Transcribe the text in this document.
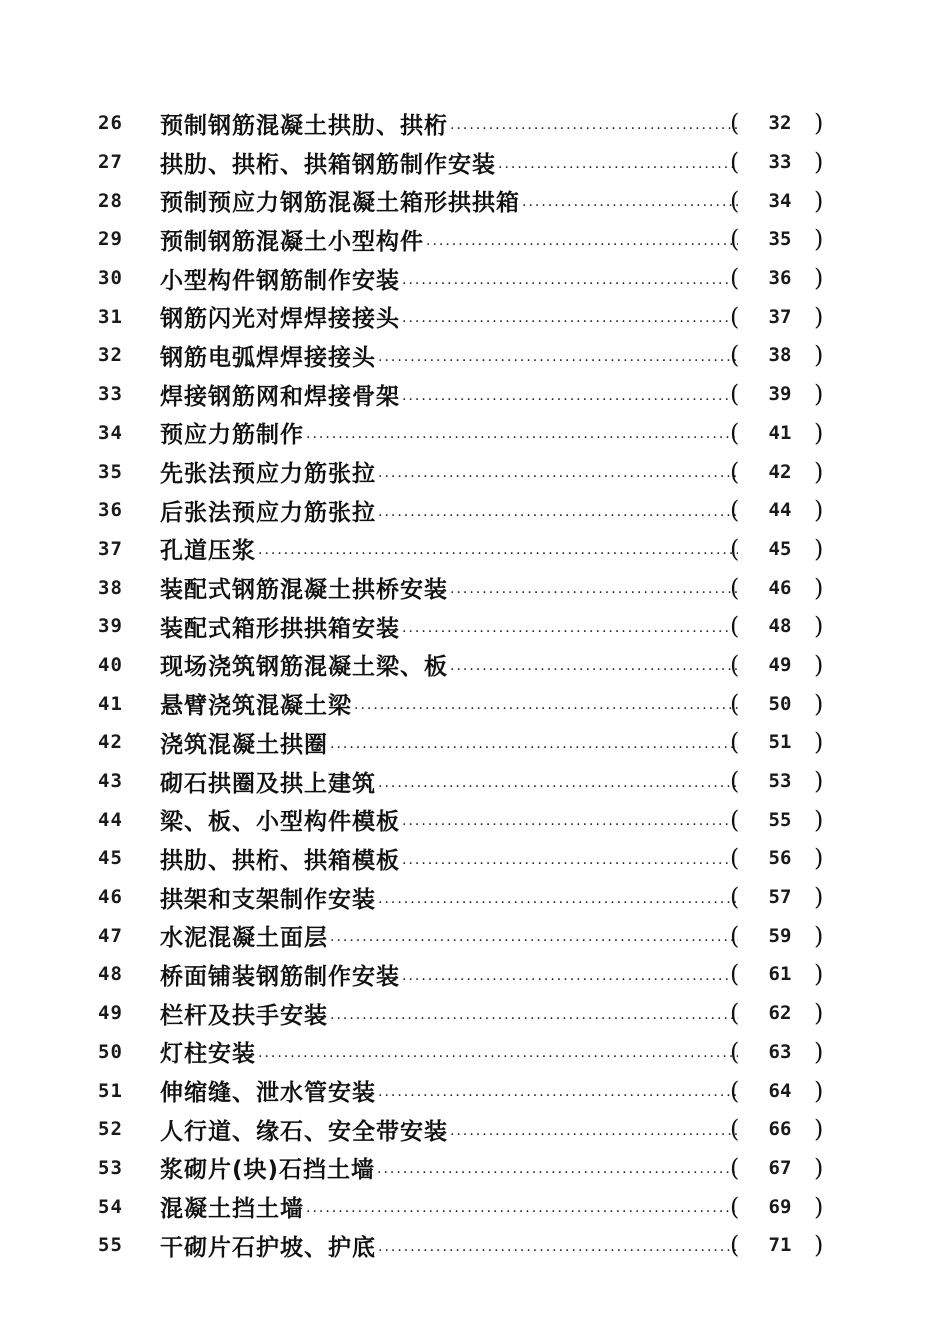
26	预制钢筋混凝土拱肋、拱桁 ·····	(	32 )
27	拱肋、拱桁、拱箱钢筋制作安装 ·····	(	33 )
28	预制预应力钢筋混凝土箱形拱拱箱 ·····	(	34 )
29	预制钢筋混凝土小型构件 ·····	(	35 )
30	小型构件钢筋制作安装 ·····	(	36 )
31	钢筋闪光对焊焊接接头 ·····	(	37 )
32	钢筋电弧焊焊接接头 ·····	(	38 )
33	焊接钢筋网和焊接骨架 ·····	(	39 )
34	预应力筋制作 ·····	(	41 )
35	先张法预应力筋张拉 ·····	(	42 )
36	后张法预应力筋张拉 ·····	(	44 )
37	孔道压浆 ·····	(	45 )
38	装配式钢筋混凝土拱桥安装 ·····	(	46 )
39	装配式箱形拱拱箱安装 ·····	(	48 )
40	现场浇筑钢筋混凝土梁、板 ·····	(	49 )
41	悬臂浇筑混凝土梁 ·····	(	50 )
42	浇筑混凝土拱圈 ·····	(	51 )
43	砌石拱圈及拱上建筑 ·····	(	53 )
44	梁、板、小型构件模板 ·····	(	55 )
45	拱肋、拱桁、拱箱模板 ·····	(	56 )
46	拱架和支架制作安装 ·····	(	57 )
47	水泥混凝土面层 ·····	(	59 )
48	桥面铺装钢筋制作安装 ·····	(	61 )
49	栏杆及扶手安装 ·····	(	62 )
50	灯柱安装 ·····	(	63 )
51	伸缩缝、泄水管安装 ·····	(	64 )
52	人行道、缘石、安全带安装 ·····	(	66 )
53	浆砌片(块)石挡土墙 ·····	(	67 )
54	混凝土挡土墙 ·····	(	69 )
55	干砌片石护坡、护底 ·····	(	71 )
